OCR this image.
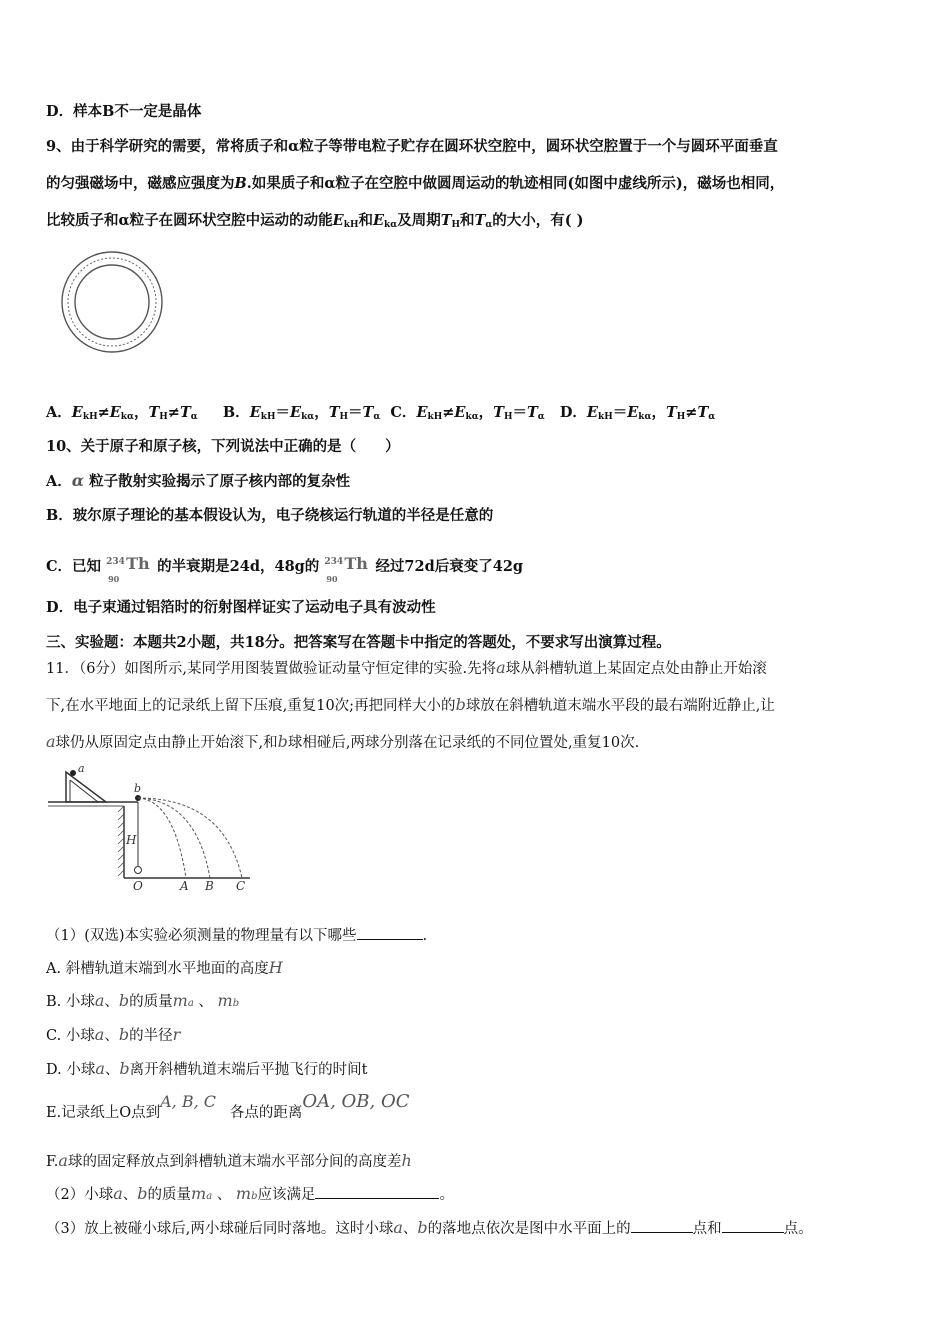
D．样本B不一定是晶体
9、由于科学研究的需要，常将质子和α粒子等带电粒子贮存在圆环状空腔中，圆环状空腔置于一个与圆环平面垂直
的匀强磁场中，磁感应强度为B.如果质子和α粒子在空腔中做圆周运动的轨迹相同(如图中虚线所示)，磁场也相同，
比较质子和α粒子在圆环状空腔中运动的动能$E_{kH}$和$E_{k\alpha}$及周期$T_H$和$T_\alpha$的大小，有( )
A．$E_{kH}\ne E_{k\alpha}$，$T_H\ne T_\alpha$ B．$E_{kH}=E_{k\alpha}$，$T_H=T_\alpha$ C．$E_{kH}\ne E_{k\alpha}$，$T_H=T_\alpha$ D．$E_{kH}=E_{k\alpha}$，$T_H\ne T_\alpha$
10、关于原子和原子核，下列说法中正确的是（　　）
A．α 粒子散射实验揭示了原子核内部的复杂性
B．玻尔原子理论的基本假设认为，电子绕核运行轨道的半径是任意的
C．已知 234
90
Th 的半衰期是24d，48g的 234
90
Th 经过72d后衰变了42g
D．电子束通过铝箔时的衍射图样证实了运动电子具有波动性
三、实验题：本题共2小题，共18分。把答案写在答题卡中指定的答题处，不要求写出演算过程。
11．（6分）如图所示,某同学用图装置做验证动量守恒定律的实验.先将a球从斜槽轨道上某固定点处由静止开始滚
下,在水平地面上的记录纸上留下压痕,重复10次;再把同样大小的b球放在斜槽轨道末端水平段的最右端附近静止,让
a球仍从原固定点由静止开始滚下,和b球相碰后,两球分别落在记录纸的不同位置处,重复10次.
a
b
H
O	A B C
（1）(双选)本实验必须测量的物理量有以下哪些	.
A. 斜槽轨道末端到水平地面的高度H
B. 小球a、b的质量ma 、 mb
C. 小球a、b的半径r
D. 小球a、b离开斜槽轨道末端后平抛飞行的时间t
E.记录纸上O点到A, B, C   各点的距离OA, OB, OC
F.a球的固定释放点到斜槽轨道末端水平部分间的高度差h
（2）小球a、b的质量ma 、 mb应该满足	。
（3）放上被碰小球后,两小球碰后同时落地。这时小球a、b的落地点依次是图中水平面上的	点和	点。
